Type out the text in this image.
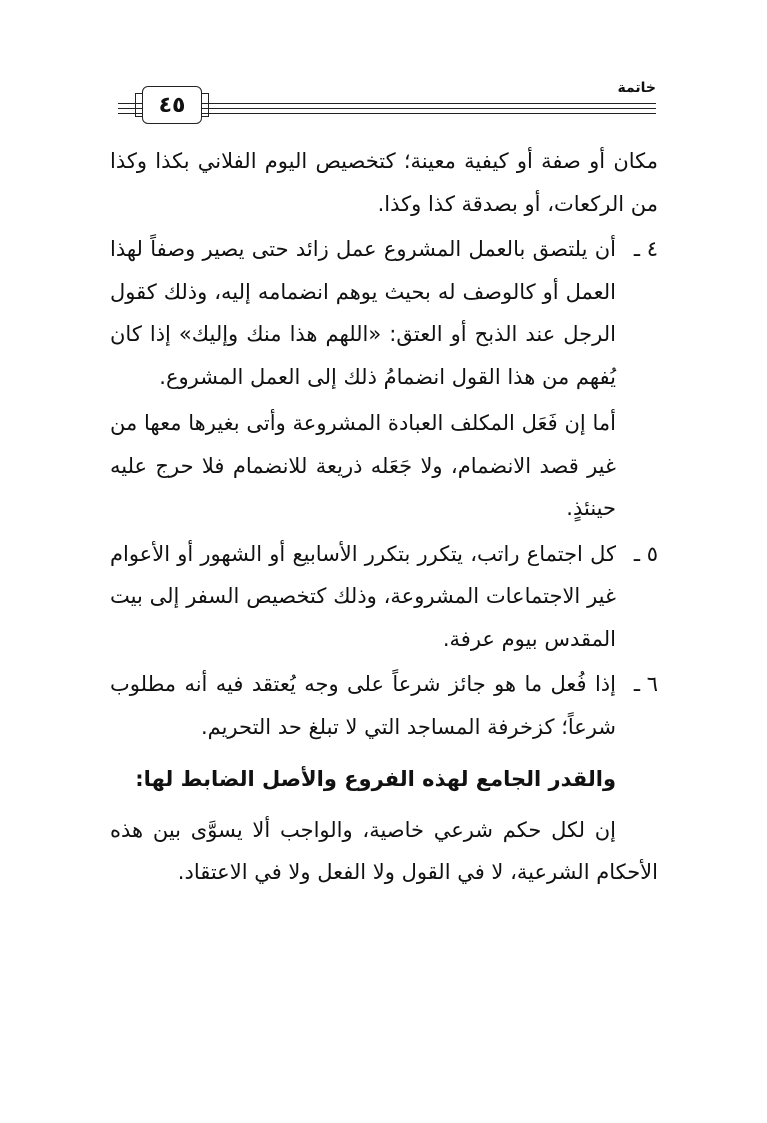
خاتمة
٤٥

مكان أو صفة أو كيفية معينة؛ كتخصيص اليوم الفلاني بكذا وكذا من الركعات، أو بصدقة كذا وكذا.

٤ ـ
أن يلتصق بالعمل المشروع عمل زائد حتى يصير وصفاً لهذا العمل أو كالوصف له بحيث يوهم انضمامه إليه، وذلك كقول الرجل عند الذبح أو العتق: «اللهم هذا منك وإليك» إذا كان يُفهم من هذا القول انضمامُ ذلك إلى العمل المشروع.

أما إن فَعَل المكلف العبادة المشروعة وأتى بغيرها معها من غير قصد الانضمام، ولا جَعَله ذريعة للانضمام فلا حرج عليه حينئذٍ.

٥ ـ
كل اجتماع راتب، يتكرر بتكرر الأسابيع أو الشهور أو الأعوام غير الاجتماعات المشروعة، وذلك كتخصيص السفر إلى بيت المقدس بيوم عرفة.
٦ ـ
إذا فُعل ما هو جائز شرعاً على وجه يُعتقد فيه أنه مطلوب شرعاً؛ كزخرفة المساجد التي لا تبلغ حد التحريم.
والقدر الجامع لهذه الفروع والأصل الضابط لها:

إن لكل حكم شرعي خاصية، والواجب ألا يسوَّى بين هذه الأحكام الشرعية، لا في القول ولا الفعل ولا في الاعتقاد.
